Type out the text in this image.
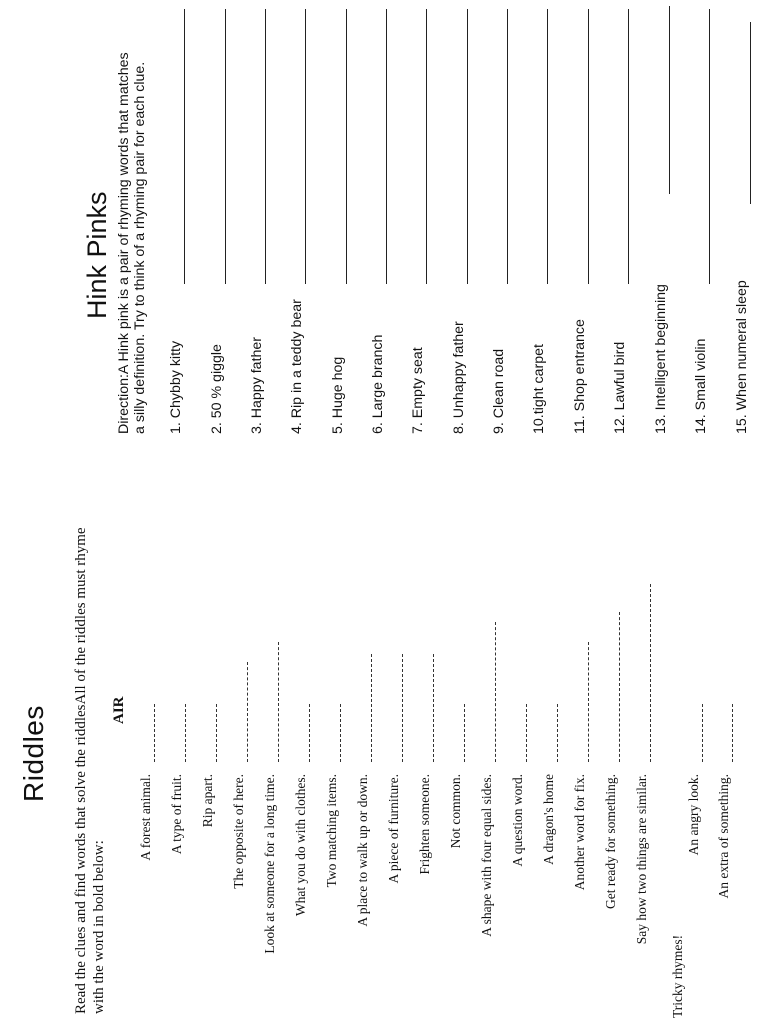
Riddles Read the clues and find words that solve the riddlesAll of the riddles must rhyme with the word in bold below:
AIR
A forest animal. A type of fruit. Rip apart. The opposite of here. Look at someone for a long time. What you do with clothes. Two matching items. A place to walk up or down. A piece of furniture. Frighten someone. Not common. A shape with four equal sides. A question word. A dragon's home Another word for fix. Get ready for something. Say how two things are similar.
Tricky rhymes!
An angry look. An extra of something.
Hink Pinks Direction:A Hink pink is a pair of rhyming words that matches a silly definition. Try to think of a rhyming pair for each clue. 1. Chybby kitty 2. 50 % giggle 3. Happy father 4. Rip in a teddy bear 5. Huge hog 6. Large branch 7. Empty seat 8. Unhappy father 9. Clean road 10.tight carpet 11. Shop entrance 12. Lawful bird 13. Intelligent beginning 14. Small violin 15. When numeral sleep
